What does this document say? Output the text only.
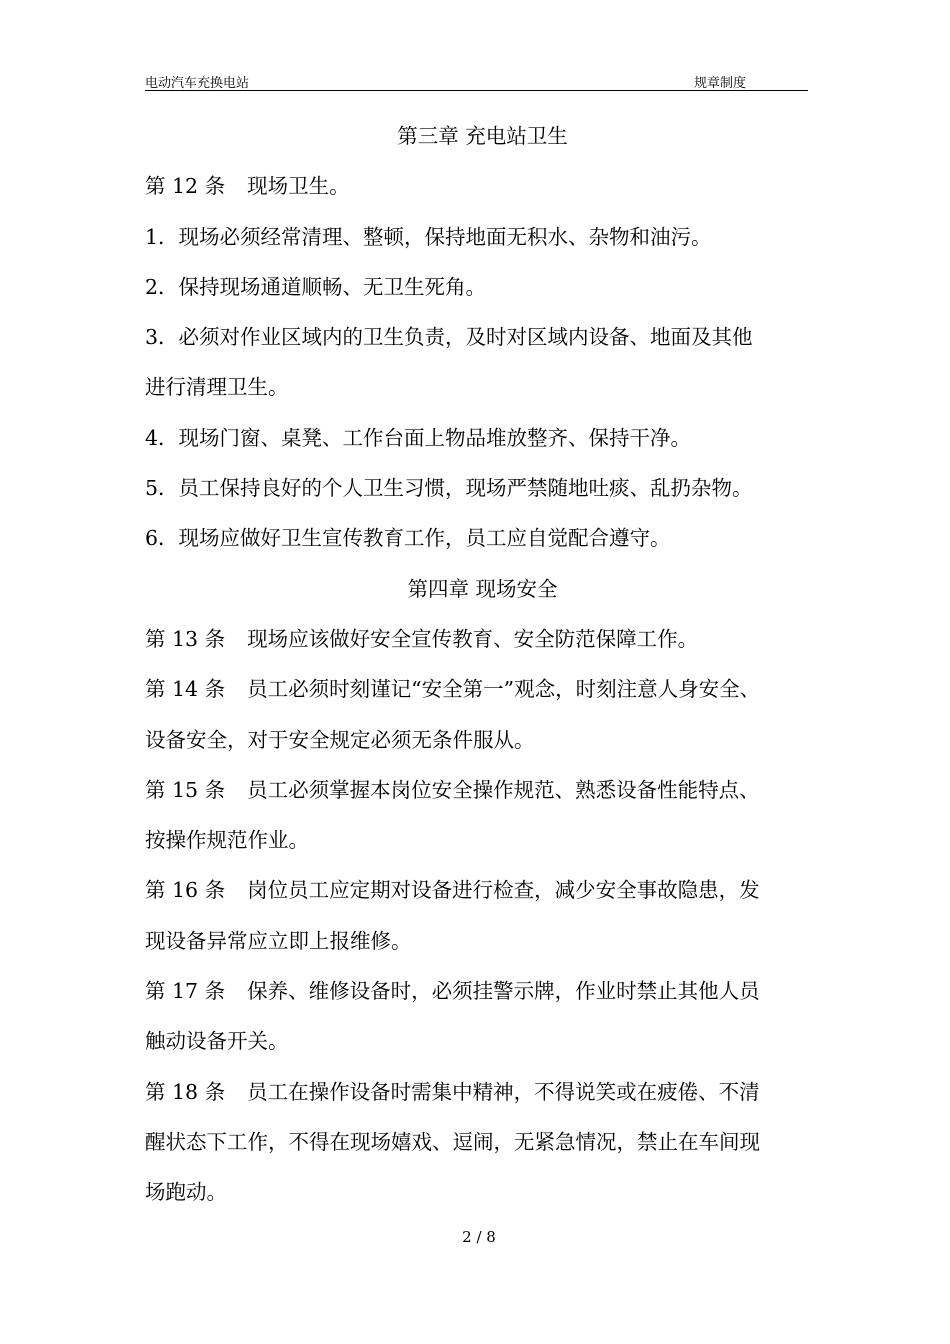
电动汽车充换电站	规章制度
第三章 充电站卫生
第 12 条 现场卫生。
1．现场必须经常清理、整顿，保持地面无积水、杂物和油污。
2．保持现场通道顺畅、无卫生死角。
3．必须对作业区域内的卫生负责，及时对区域内设备、地面及其他
进行清理卫生。
4．现场门窗、桌凳、工作台面上物品堆放整齐、保持干净。
5．员工保持良好的个人卫生习惯，现场严禁随地吐痰、乱扔杂物。
6．现场应做好卫生宣传教育工作，员工应自觉配合遵守。
第四章 现场安全
第 13 条 现场应该做好安全宣传教育、安全防范保障工作。
第 14 条 员工必须时刻谨记“安全第一”观念，时刻注意人身安全、
设备安全，对于安全规定必须无条件服从。
第 15 条 员工必须掌握本岗位安全操作规范、熟悉设备性能特点、
按操作规范作业。
第 16 条 岗位员工应定期对设备进行检查，减少安全事故隐患，发
现设备异常应立即上报维修。
第 17 条 保养、维修设备时，必须挂警示牌，作业时禁止其他人员
触动设备开关。
第 18 条 员工在操作设备时需集中精神，不得说笑或在疲倦、不清
醒状态下工作，不得在现场嬉戏、逗闹，无紧急情况，禁止在车间现
场跑动。
2 / 8
